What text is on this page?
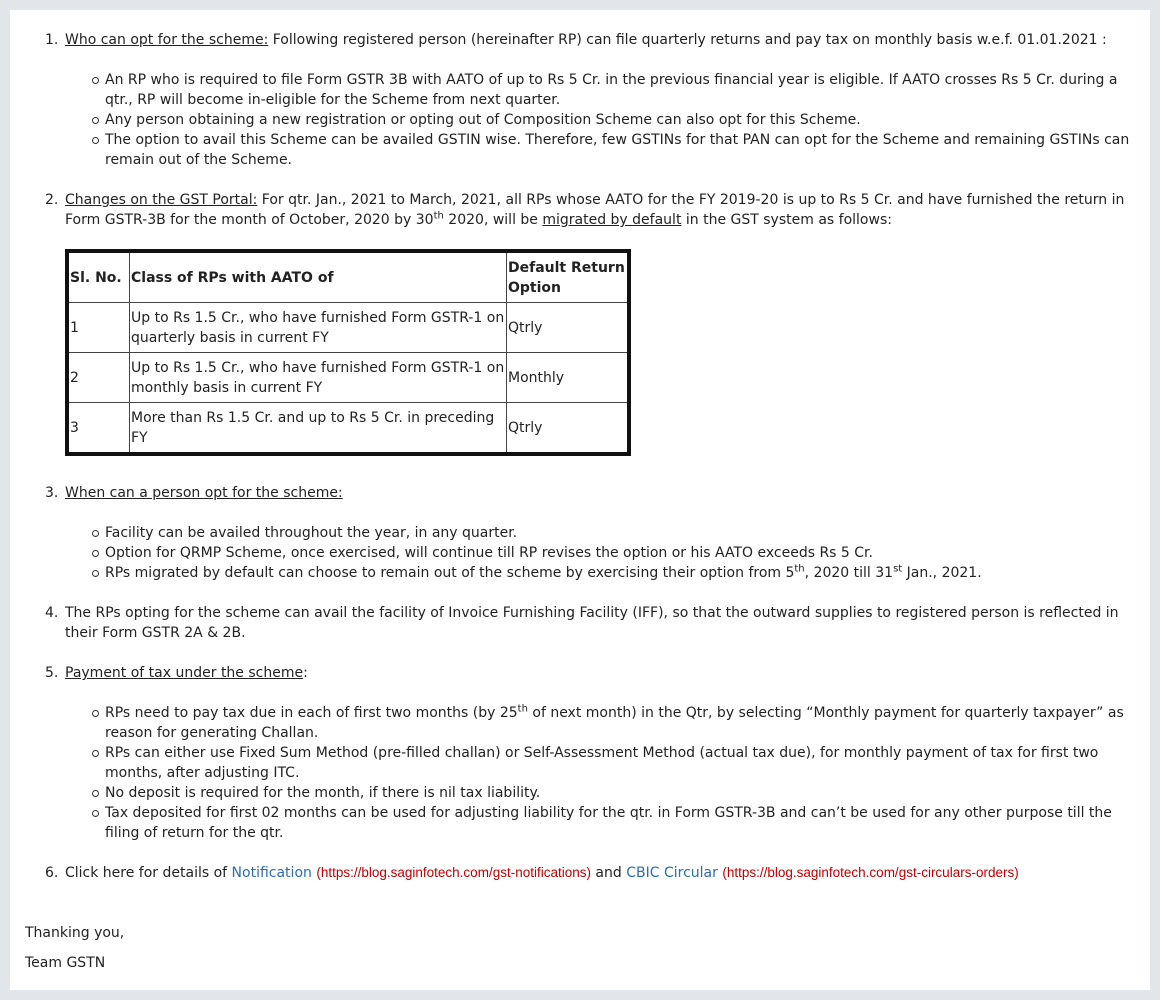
1. Who can opt for the scheme: Following registered person (hereinafter RP) can file quarterly returns and pay tax on monthly basis w.e.f. 01.01.2021 :
An RP who is required to file Form GSTR 3B with AATO of up to Rs 5 Cr. in the previous financial year is eligible. If AATO crosses Rs 5 Cr. during a qtr., RP will become in-eligible for the Scheme from next quarter.
Any person obtaining a new registration or opting out of Composition Scheme can also opt for this Scheme.
The option to avail this Scheme can be availed GSTIN wise. Therefore, few GSTINs for that PAN can opt for the Scheme and remaining GSTINs can remain out of the Scheme.
2. Changes on the GST Portal: For qtr. Jan., 2021 to March, 2021, all RPs whose AATO for the FY 2019-20 is up to Rs 5 Cr. and have furnished the return in Form GSTR-3B for the month of October, 2020 by 30th 2020, will be migrated by default in the GST system as follows:
Sl. No.	Class of RPs with AATO of	Default Return Option
1	Up to Rs 1.5 Cr., who have furnished Form GSTR-1 on quarterly basis in current FY	Qtrly
2	Up to Rs 1.5 Cr., who have furnished Form GSTR-1 on monthly basis in current FY	Monthly
3	More than Rs 1.5 Cr. and up to Rs 5 Cr. in preceding FY	Qtrly
3. When can a person opt for the scheme:
Facility can be availed throughout the year, in any quarter.
Option for QRMP Scheme, once exercised, will continue till RP revises the option or his AATO exceeds Rs 5 Cr.
RPs migrated by default can choose to remain out of the scheme by exercising their option from 5th, 2020 till 31st Jan., 2021.
4. The RPs opting for the scheme can avail the facility of Invoice Furnishing Facility (IFF), so that the outward supplies to registered person is reflected in their Form GSTR 2A & 2B.
5. Payment of tax under the scheme:
RPs need to pay tax due in each of first two months (by 25th of next month) in the Qtr, by selecting “Monthly payment for quarterly taxpayer” as reason for generating Challan.
RPs can either use Fixed Sum Method (pre-filled challan) or Self-Assessment Method (actual tax due), for monthly payment of tax for first two months, after adjusting ITC.
No deposit is required for the month, if there is nil tax liability.
Tax deposited for first 02 months can be used for adjusting liability for the qtr. in Form GSTR-3B and can’t be used for any other purpose till the filing of return for the qtr.
6. Click here for details of Notification (https://blog.saginfotech.com/gst-notifications) and CBIC Circular (https://blog.saginfotech.com/gst-circulars-orders)
Thanking you,
Team GSTN
